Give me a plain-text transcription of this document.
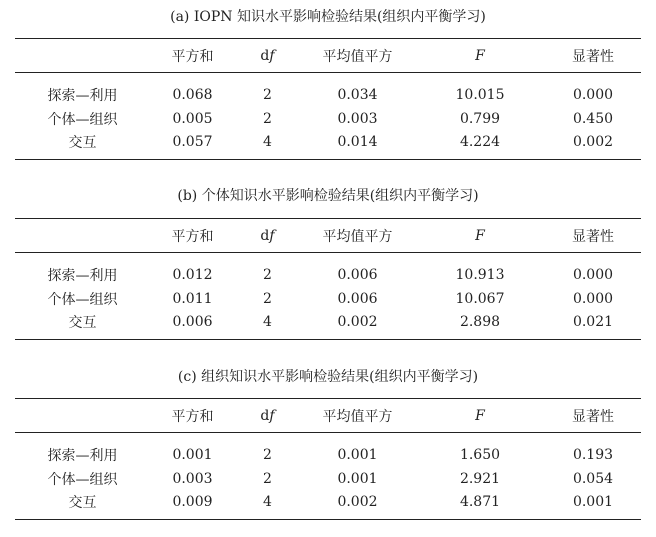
(a) IOPN 知识水平影响检验结果(组织内平衡学习)
	平方和	df	平均值平方	F	显著性
探索—利用	0.068	2	0.034	10.015	0.000
个体—组织	0.005	2	0.003	0.799	0.450
交互	0.057	4	0.014	4.224	0.002
(b) 个体知识水平影响检验结果(组织内平衡学习)
	平方和	df	平均值平方	F	显著性
探索—利用	0.012	2	0.006	10.913	0.000
个体—组织	0.011	2	0.006	10.067	0.000
交互	0.006	4	0.002	2.898	0.021
(c) 组织知识水平影响检验结果(组织内平衡学习)
	平方和	df	平均值平方	F	显著性
探索—利用	0.001	2	0.001	1.650	0.193
个体—组织	0.003	2	0.001	2.921	0.054
交互	0.009	4	0.002	4.871	0.001
